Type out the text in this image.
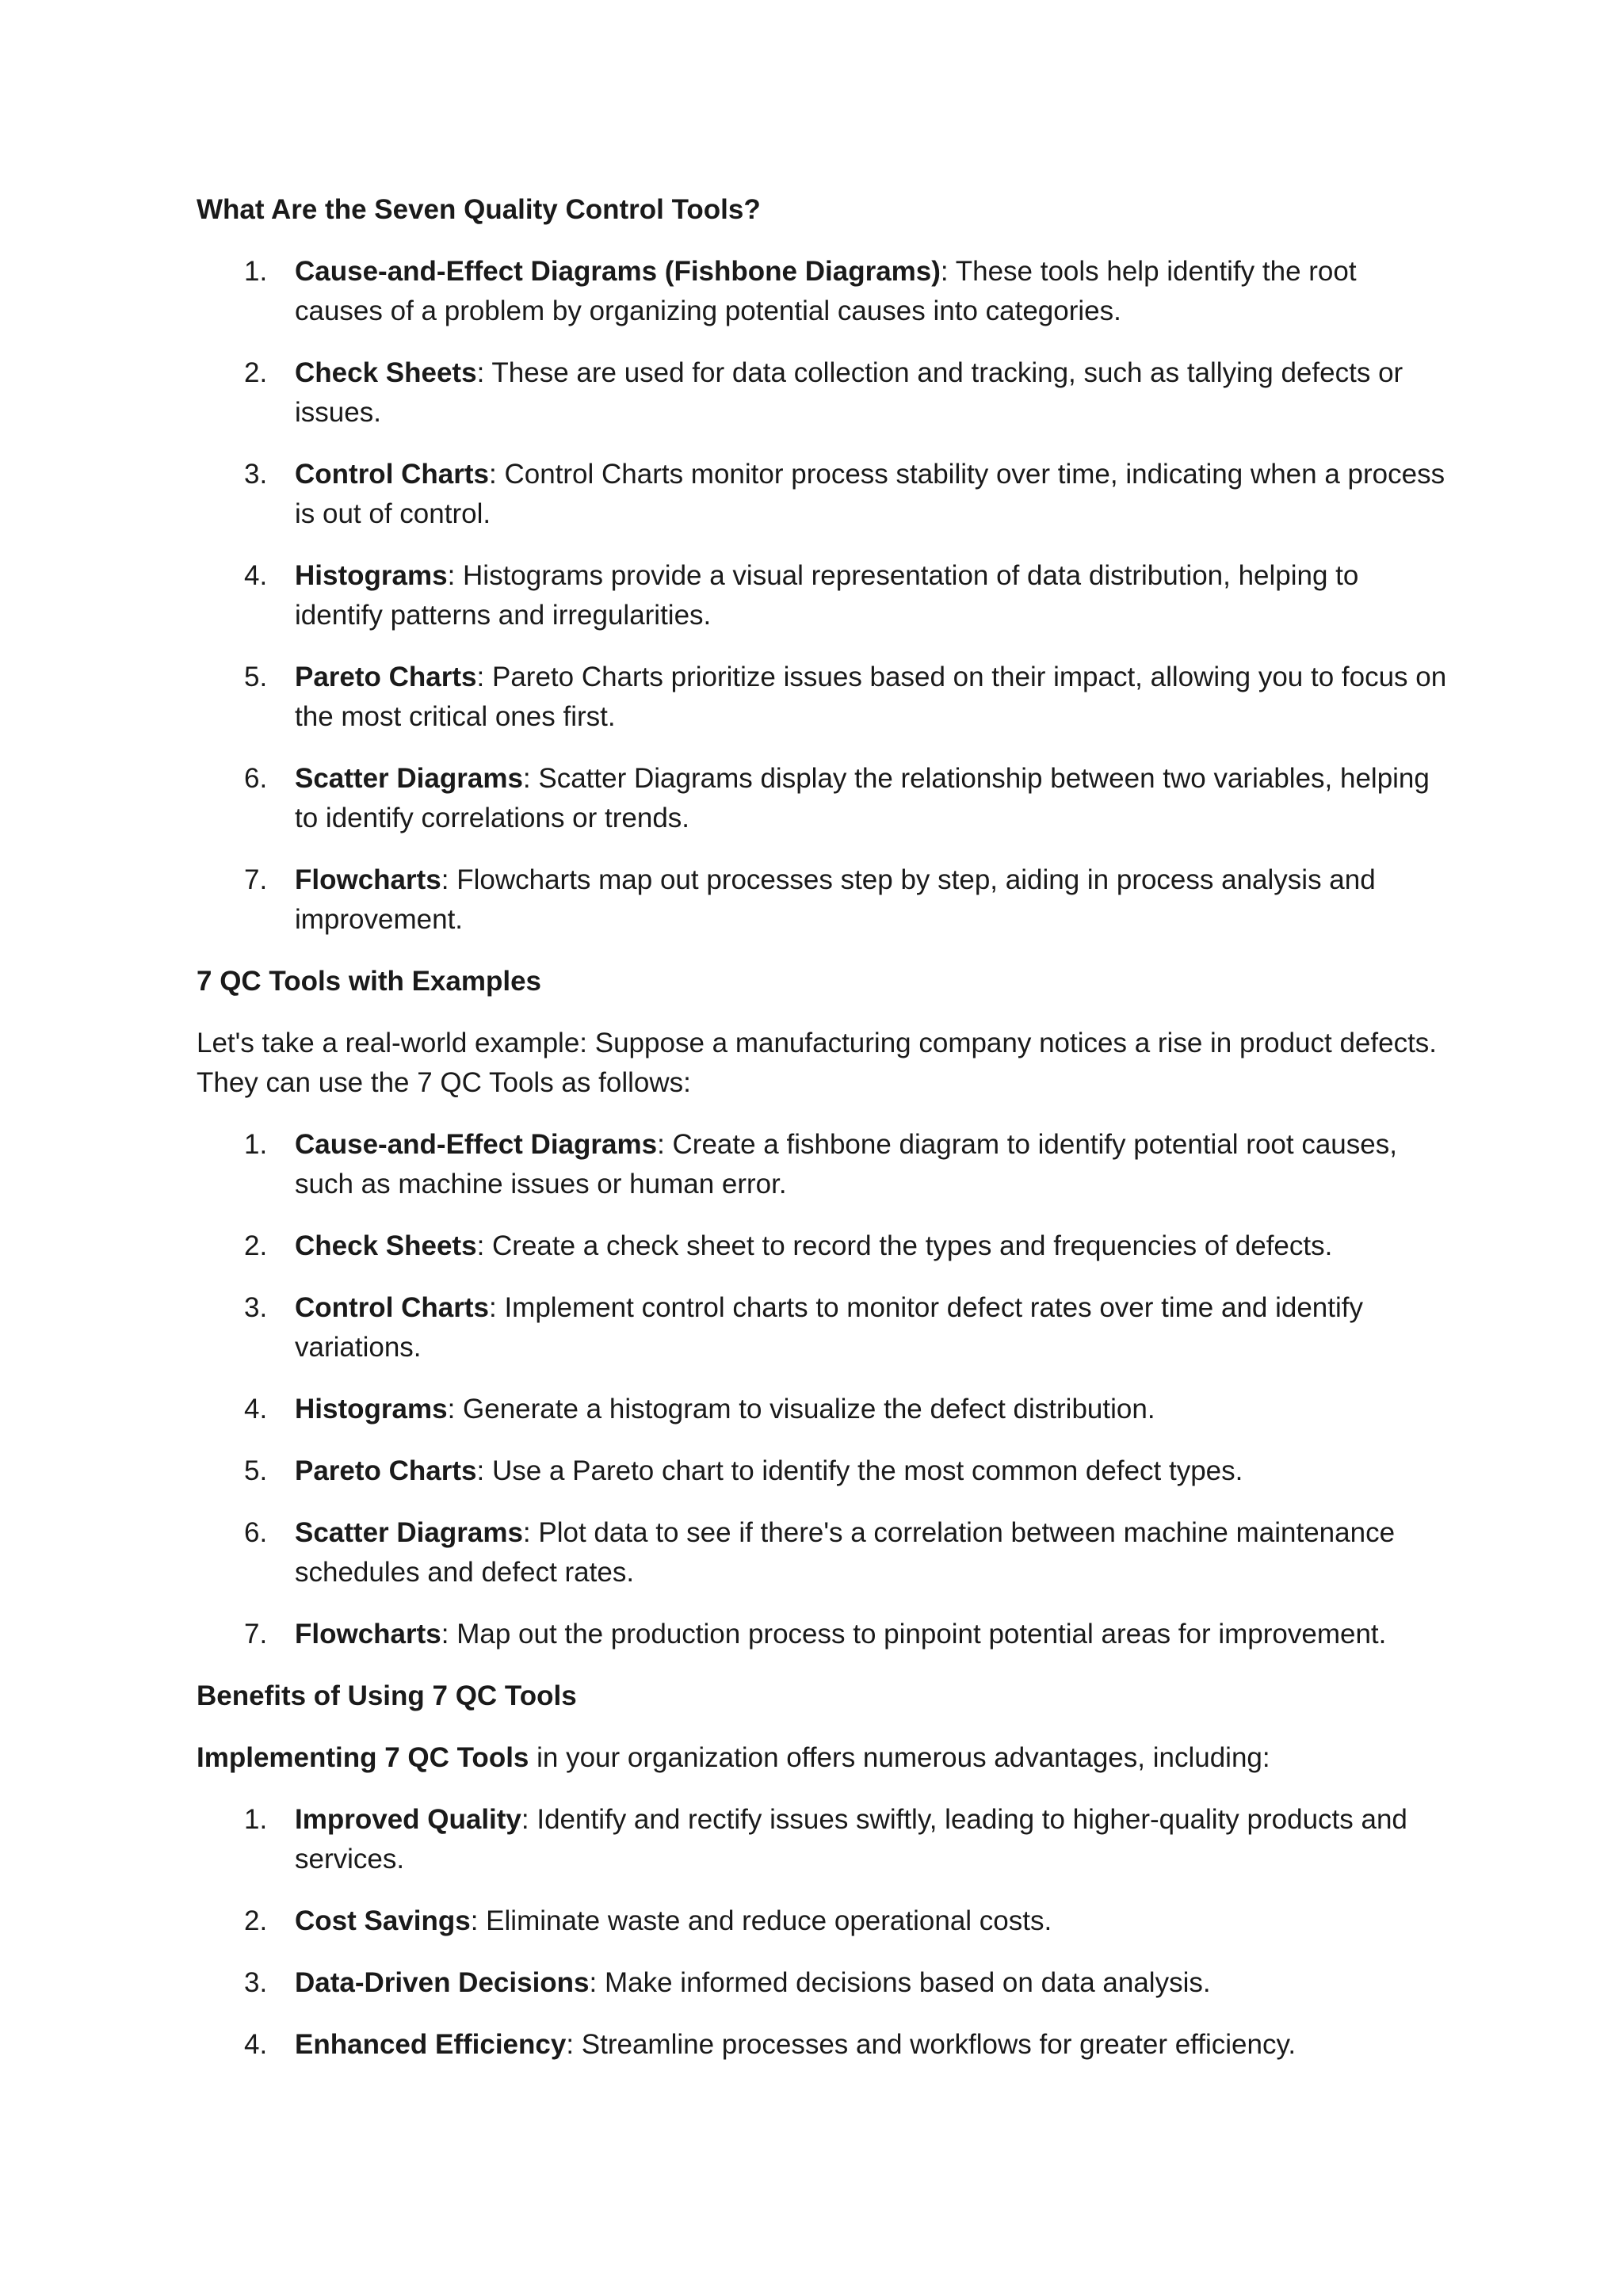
What Are the Seven Quality Control Tools?
1. Cause-and-Effect Diagrams (Fishbone Diagrams): These tools help identify the root causes of a problem by organizing potential causes into categories.
2. Check Sheets: These are used for data collection and tracking, such as tallying defects or issues.
3. Control Charts: Control Charts monitor process stability over time, indicating when a process is out of control.
4. Histograms: Histograms provide a visual representation of data distribution, helping to identify patterns and irregularities.
5. Pareto Charts: Pareto Charts prioritize issues based on their impact, allowing you to focus on the most critical ones first.
6. Scatter Diagrams: Scatter Diagrams display the relationship between two variables, helping to identify correlations or trends.
7. Flowcharts: Flowcharts map out processes step by step, aiding in process analysis and improvement.
7 QC Tools with Examples
Let's take a real-world example: Suppose a manufacturing company notices a rise in product defects. They can use the 7 QC Tools as follows:
1. Cause-and-Effect Diagrams: Create a fishbone diagram to identify potential root causes, such as machine issues or human error.
2. Check Sheets: Create a check sheet to record the types and frequencies of defects.
3. Control Charts: Implement control charts to monitor defect rates over time and identify variations.
4. Histograms: Generate a histogram to visualize the defect distribution.
5. Pareto Charts: Use a Pareto chart to identify the most common defect types.
6. Scatter Diagrams: Plot data to see if there's a correlation between machine maintenance schedules and defect rates.
7. Flowcharts: Map out the production process to pinpoint potential areas for improvement.
Benefits of Using 7 QC Tools
Implementing 7 QC Tools in your organization offers numerous advantages, including:
1. Improved Quality: Identify and rectify issues swiftly, leading to higher-quality products and services.
2. Cost Savings: Eliminate waste and reduce operational costs.
3. Data-Driven Decisions: Make informed decisions based on data analysis.
4. Enhanced Efficiency: Streamline processes and workflows for greater efficiency.
